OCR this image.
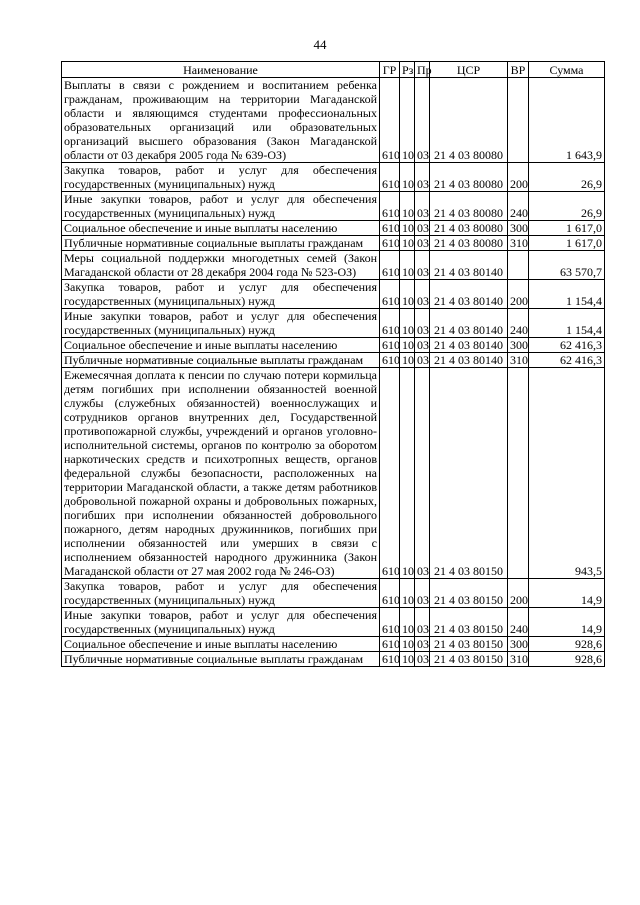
44
Наименование	ГР	Рз	Пр	ЦСР	ВР	Сумма
Выплаты в связи с рождением и воспитанием ребенка гражданам, проживающим на территории Магаданской области и являющимся студентами профессиональных образовательных организаций или образовательных организаций высшего образования (Закон Магаданской области от 03 декабря 2005 года № 639-ОЗ)	610	10	03	21 4 03 80080		1 643,9
Закупка товаров, работ и услуг для обеспечения государственных (муниципальных) нужд	610	10	03	21 4 03 80080	200	26,9
Иные закупки товаров, работ и услуг для обеспечения государственных (муниципальных) нужд	610	10	03	21 4 03 80080	240	26,9
Социальное обеспечение и иные выплаты населению	610	10	03	21 4 03 80080	300	1 617,0
Публичные нормативные социальные выплаты гражданам	610	10	03	21 4 03 80080	310	1 617,0
Меры социальной поддержки многодетных семей (Закон Магаданской области от 28 декабря 2004 года № 523-ОЗ)	610	10	03	21 4 03 80140		63 570,7
Закупка товаров, работ и услуг для обеспечения государственных (муниципальных) нужд	610	10	03	21 4 03 80140	200	1 154,4
Иные закупки товаров, работ и услуг для обеспечения государственных (муниципальных) нужд	610	10	03	21 4 03 80140	240	1 154,4
Социальное обеспечение и иные выплаты населению	610	10	03	21 4 03 80140	300	62 416,3
Публичные нормативные социальные выплаты гражданам	610	10	03	21 4 03 80140	310	62 416,3
Ежемесячная доплата к пенсии по случаю потери кормильца детям погибших при исполнении обязанностей военной службы (служебных обязанностей) военнослужащих и сотрудников органов внутренних дел, Государственной противопожарной службы, учреждений и органов уголовно-исполнительной системы, органов по контролю за оборотом наркотических средств и психотропных веществ, органов федеральной службы безопасности, расположенных на территории Магаданской области, а также детям работников добровольной пожарной охраны и добровольных пожарных, погибших при исполнении обязанностей добровольного пожарного, детям народных дружинников, погибших при исполнении обязанностей или умерших в связи с исполнением обязанностей народного дружинника (Закон Магаданской области от 27 мая 2002 года № 246-ОЗ)	610	10	03	21 4 03 80150		943,5
Закупка товаров, работ и услуг для обеспечения государственных (муниципальных) нужд	610	10	03	21 4 03 80150	200	14,9
Иные закупки товаров, работ и услуг для обеспечения государственных (муниципальных) нужд	610	10	03	21 4 03 80150	240	14,9
Социальное обеспечение и иные выплаты населению	610	10	03	21 4 03 80150	300	928,6
Публичные нормативные социальные выплаты гражданам	610	10	03	21 4 03 80150	310	928,6
